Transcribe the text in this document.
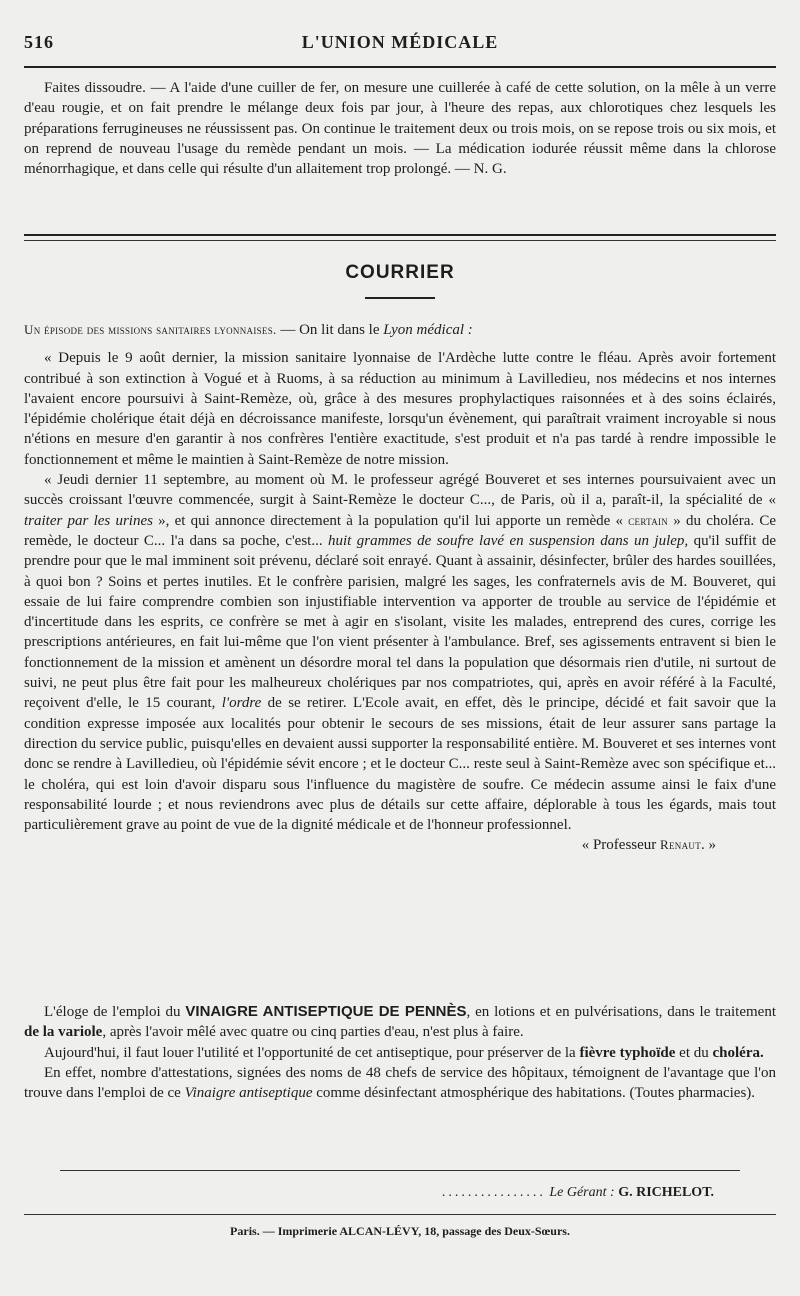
516	L'UNION MÉDICALE

Faites dissoudre. — A l'aide d'une cuiller de fer, on mesure une cuillerée à café de cette solution, on la mêle à un verre d'eau rougie, et on fait prendre le mélange deux fois par jour, à l'heure des repas, aux chlorotiques chez lesquels les préparations ferrugineuses ne réussissent pas. On continue le traitement deux ou trois mois, on se repose trois ou six mois, et on reprend de nouveau l'usage du remède pendant un mois. — La médication iodurée réussit même dans la chlorose ménorrhagique, et dans celle qui résulte d'un allaitement trop prolongé. — N. G.

COURRIER

Un épisode des missions sanitaires lyonnaises. — On lit dans le Lyon médical :

« Depuis le 9 août dernier, la mission sanitaire lyonnaise de l'Ardèche lutte contre le fléau. Après avoir fortement contribué à son extinction à Vogué et à Ruoms, à sa réduction au minimum à Lavilledieu, nos médecins et nos internes l'avaient encore poursuivi à Saint-Remèze, où, grâce à des mesures prophylactiques raisonnées et à des soins éclairés, l'épidémie cholérique était déjà en décroissance manifeste, lorsqu'un évènement, qui paraîtrait vraiment incroyable si nous n'étions en mesure d'en garantir à nos confrères l'entière exactitude, s'est produit et n'a pas tardé à rendre impossible le fonctionnement et même le maintien à Saint-Remèze de notre mission.

« Jeudi dernier 11 septembre, au moment où M. le professeur agrégé Bouveret et ses internes poursuivaient avec un succès croissant l'œuvre commencée, surgit à Saint-Remèze le docteur C..., de Paris, où il a, paraît-il, la spécialité de « traiter par les urines », et qui annonce directement à la population qu'il lui apporte un remède « certain » du choléra. Ce remède, le docteur C... l'a dans sa poche, c'est... huit grammes de soufre lavé en suspension dans un julep, qu'il suffit de prendre pour que le mal imminent soit prévenu, déclaré soit enrayé. Quant à assainir, désinfecter, brûler des hardes souillées, à quoi bon ? Soins et pertes inutiles. Et le confrère parisien, malgré les sages, les confraternels avis de M. Bouveret, qui essaie de lui faire comprendre combien son injustifiable intervention va apporter de trouble au service de l'épidémie et d'incertitude dans les esprits, ce confrère se met à agir en s'isolant, visite les malades, entreprend des cures, corrige les prescriptions antérieures, en fait lui-même que l'on vient présenter à l'ambulance. Bref, ses agissements entravent si bien le fonctionnement de la mission et amènent un désordre moral tel dans la population que désormais rien d'utile, ni surtout de suivi, ne peut plus être fait pour les malheureux cholériques par nos compatriotes, qui, après en avoir référé à la Faculté, reçoivent d'elle, le 15 courant, l'ordre de se retirer. L'Ecole avait, en effet, dès le principe, décidé et fait savoir que la condition expresse imposée aux localités pour obtenir le secours de ses missions, était de leur assurer sans partage la direction du service public, puisqu'elles en devaient aussi supporter la responsabilité entière. M. Bouveret et ses internes vont donc se rendre à Lavilledieu, où l'épidémie sévit encore ; et le docteur C... reste seul à Saint-Remèze avec son spécifique et... le choléra, qui est loin d'avoir disparu sous l'influence du magistère de soufre. Ce médecin assume ainsi le faix d'une responsabilité lourde ; et nous reviendrons avec plus de détails sur cette affaire, déplorable à tous les égards, mais tout particulièrement grave au point de vue de la dignité médicale et de l'honneur professionnel.

« Professeur Renaut. »

L'éloge de l'emploi du VINAIGRE ANTISEPTIQUE DE PENNÈS, en lotions et en pulvérisations, dans le traitement de la variole, après l'avoir mêlé avec quatre ou cinq parties d'eau, n'est plus à faire.

Aujourd'hui, il faut louer l'utilité et l'opportunité de cet antiseptique, pour préserver de la fièvre typhoïde et du choléra.

En effet, nombre d'attestations, signées des noms de 48 chefs de service des hôpitaux, témoignent de l'avantage que l'on trouve dans l'emploi de ce Vinaigre antiseptique comme désinfectant atmosphérique des habitations. (Toutes pharmacies).

................ Le Gérant : G. RICHELOT.
Paris. — Imprimerie ALCAN-LÉVY, 18, passage des Deux-Sœurs.
